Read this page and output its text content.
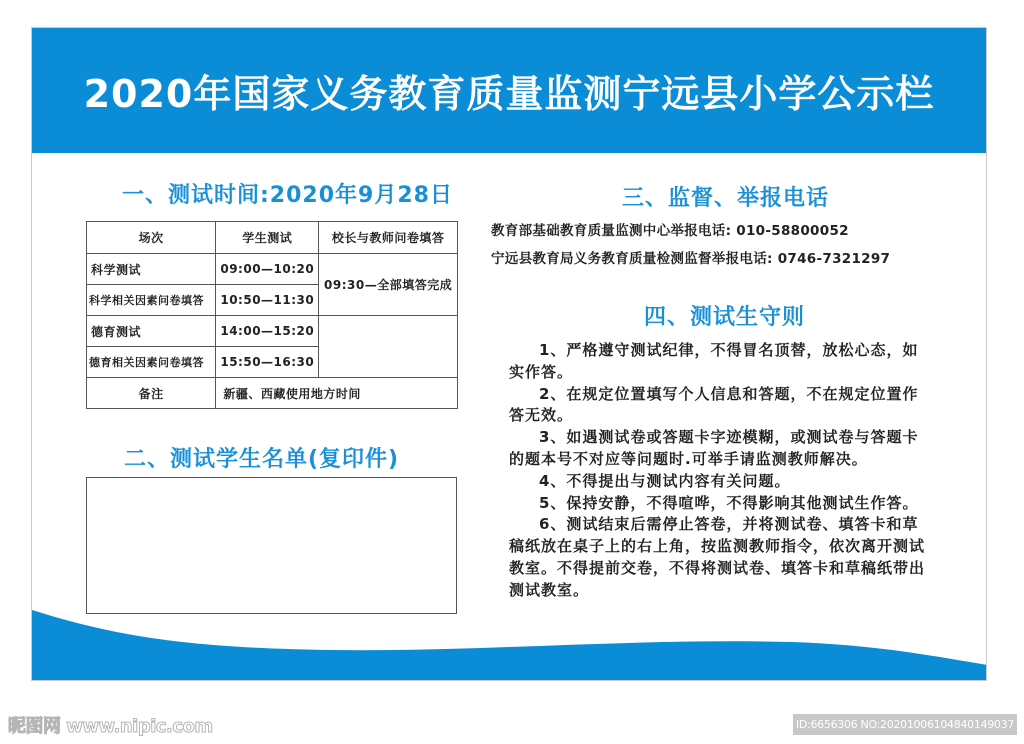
2020年国家义务教育质量监测宁远县小学公示栏
一、测试时间:2020年9月28日
场次	学生测试	校长与教师问卷填答
科学测试	09:00—10:20	09:30—全部填答完成
科学相关因素问卷填答	10:50—11:30	
德育测试	14:00—15:20	
德育相关因素问卷填答	15:50—16:30	
备注	新疆、西藏使用地方时间	
二、测试学生名单(复印件)
三、监督、举报电话
教育部基础教育质量监测中心举报电话: 010-58800052
宁远县教育局义务教育质量检测监督举报电话: 0746-7321297
四、测试生守则

1、严格遵守测试纪律，不得冒名顶替，放松心态，如实作答。

2、在规定位置填写个人信息和答题，不在规定位置作答无效。

3、如遇测试卷或答题卡字迹模糊，或测试卷与答题卡的题本号不对应等问题时.可举手请监测教师解决。

4、不得提出与测试内容有关问题。

5、保持安静，不得喧哗，不得影响其他测试生作答。

6、测试结束后需停止答卷，并将测试卷、填答卡和草稿纸放在桌子上的右上角，按监测教师指令，依次离开测试教室。不得提前交卷，不得将测试卷、填答卡和草稿纸带出测试教室。

昵图网 www.nipic.com	ID:6656306 NO:20201006104840149037
